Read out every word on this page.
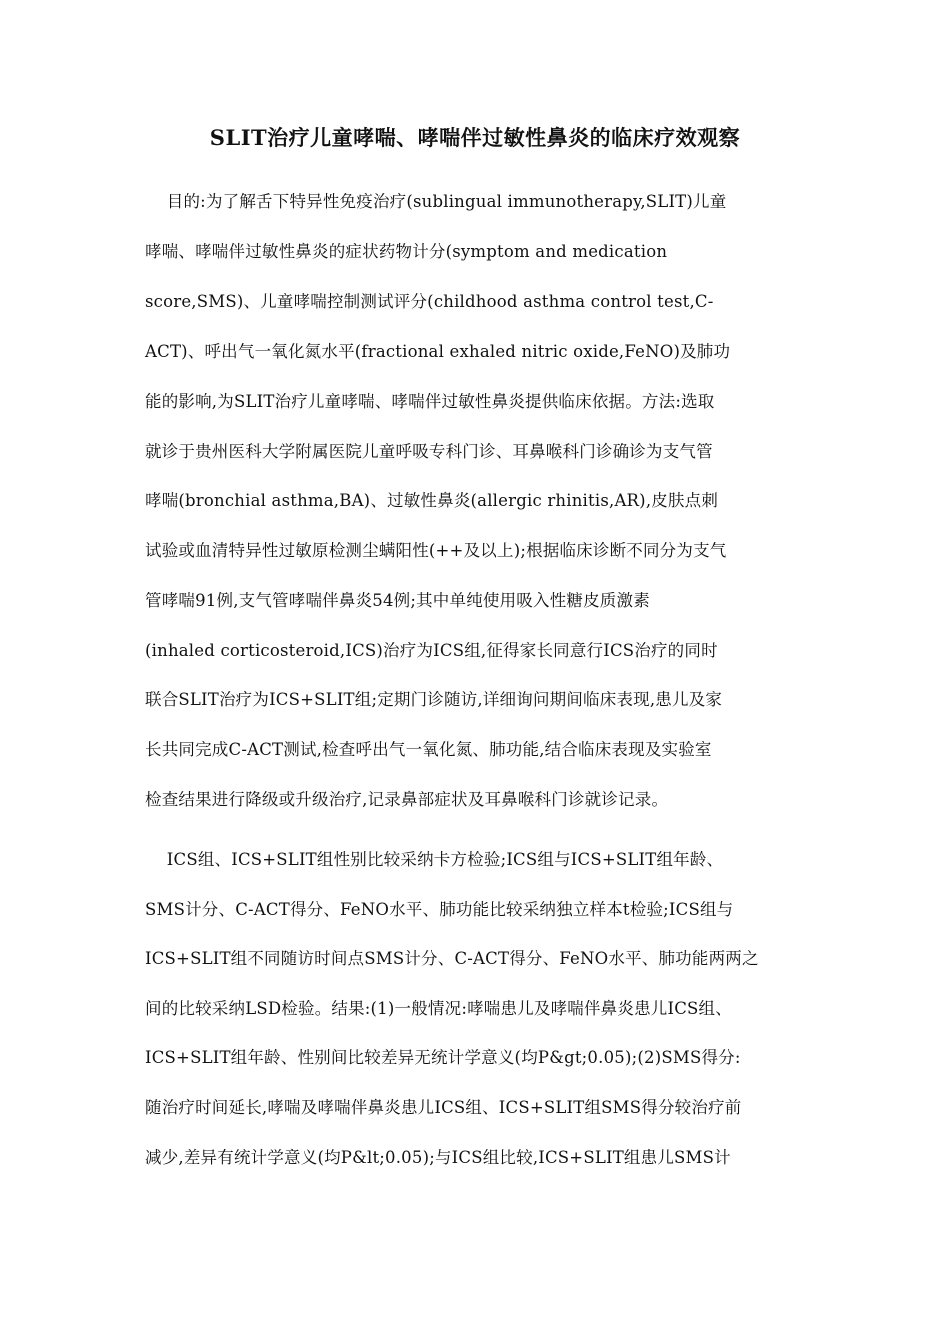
SLIT治疗儿童哮喘、哮喘伴过敏性鼻炎的临床疗效观察
目的:为了解舌下特异性免疫治疗(sublingual immunotherapy,SLIT)儿童
哮喘、哮喘伴过敏性鼻炎的症状药物计分(symptom and medication
score,SMS)、儿童哮喘控制测试评分(childhood asthma control test,C-
ACT)、呼出气一氧化氮水平(fractional exhaled nitric oxide,FeNO)及肺功
能的影响,为SLIT治疗儿童哮喘、哮喘伴过敏性鼻炎提供临床依据。方法:选取
就诊于贵州医科大学附属医院儿童呼吸专科门诊、耳鼻喉科门诊确诊为支气管
哮喘(bronchial asthma,BA)、过敏性鼻炎(allergic rhinitis,AR),皮肤点刺
试验或血清特异性过敏原检测尘螨阳性(++及以上);根据临床诊断不同分为支气
管哮喘91例,支气管哮喘伴鼻炎54例;其中单纯使用吸入性糖皮质激素
(inhaled corticosteroid,ICS)治疗为ICS组,征得家长同意行ICS治疗的同时
联合SLIT治疗为ICS+SLIT组;定期门诊随访,详细询问期间临床表现,患儿及家
长共同完成C-ACT测试,检查呼出气一氧化氮、肺功能,结合临床表现及实验室
检查结果进行降级或升级治疗,记录鼻部症状及耳鼻喉科门诊就诊记录。
ICS组、ICS+SLIT组性别比较采纳卡方检验;ICS组与ICS+SLIT组年龄、
SMS计分、C-ACT得分、FeNO水平、肺功能比较采纳独立样本t检验;ICS组与
ICS+SLIT组不同随访时间点SMS计分、C-ACT得分、FeNO水平、肺功能两两之
间的比较采纳LSD检验。结果:(1)一般情况:哮喘患儿及哮喘伴鼻炎患儿ICS组、
ICS+SLIT组年龄、性别间比较差异无统计学意义(均P&gt;0.05);(2)SMS得分:
随治疗时间延长,哮喘及哮喘伴鼻炎患儿ICS组、ICS+SLIT组SMS得分较治疗前
减少,差异有统计学意义(均P&lt;0.05);与ICS组比较,ICS+SLIT组患儿SMS计
